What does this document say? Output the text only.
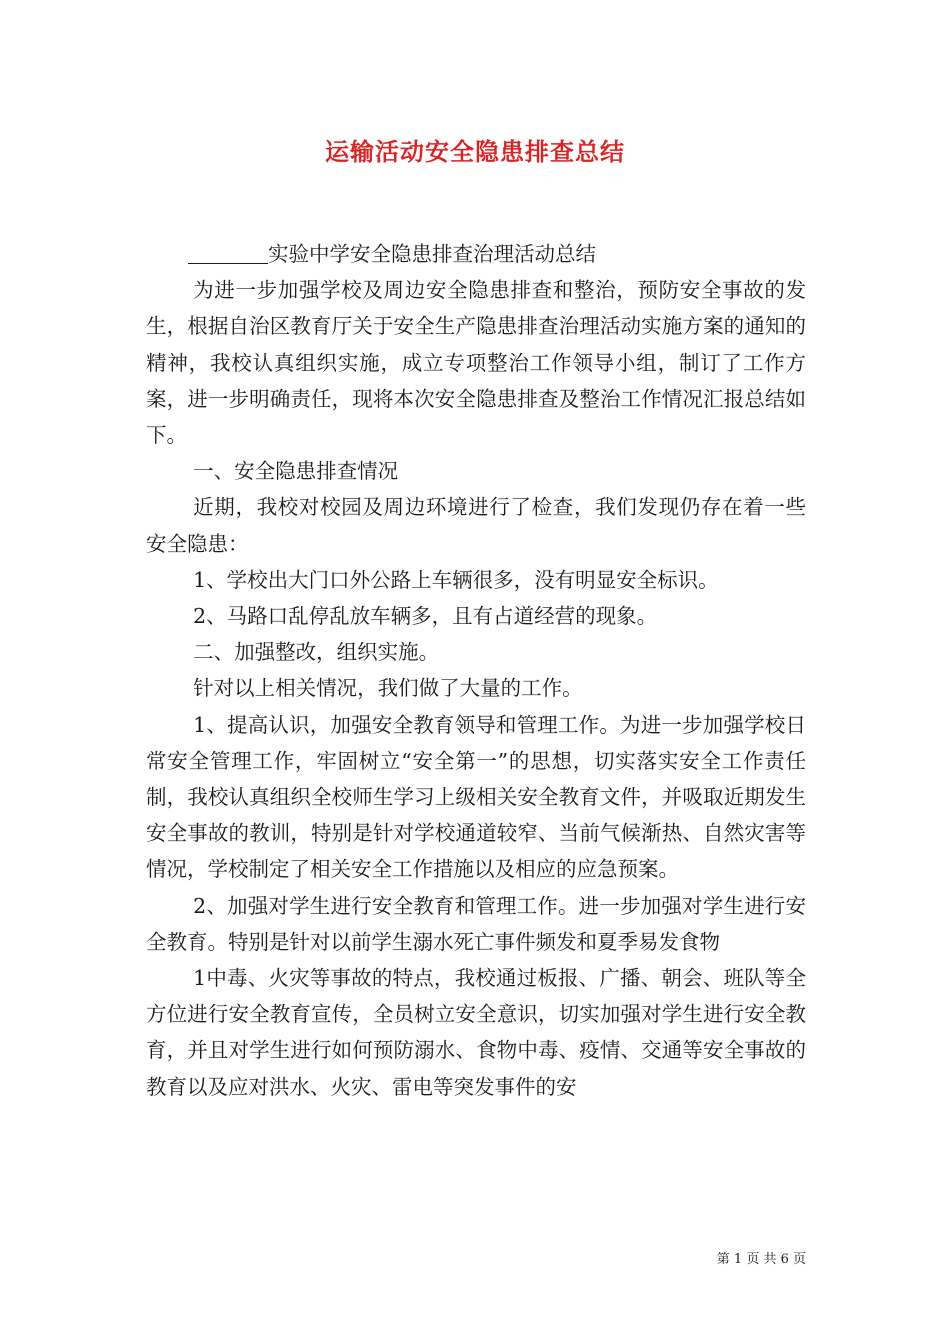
运输活动安全隐患排查总结

实验中学安全隐患排查治理活动总结

为进一步加强学校及周边安全隐患排查和整治，预防安全事故的发生，根据自治区教育厅关于安全生产隐患排查治理活动实施方案的通知的精神，我校认真组织实施，成立专项整治工作领导小组，制订了工作方案，进一步明确责任，现将本次安全隐患排查及整治工作情况汇报总结如下。

一、安全隐患排查情况

近期，我校对校园及周边环境进行了检查，我们发现仍存在着一些安全隐患：

1、学校出大门口外公路上车辆很多，没有明显安全标识。

2、马路口乱停乱放车辆多，且有占道经营的现象。

二、加强整改，组织实施。

针对以上相关情况，我们做了大量的工作。

1、提高认识，加强安全教育领导和管理工作。为进一步加强学校日常安全管理工作，牢固树立“安全第一”的思想，切实落实安全工作责任制，我校认真组织全校师生学习上级相关安全教育文件，并吸取近期发生安全事故的教训，特别是针对学校通道较窄、当前气候渐热、自然灾害等情况，学校制定了相关安全工作措施以及相应的应急预案。

2、加强对学生进行安全教育和管理工作。进一步加强对学生进行安全教育。特别是针对以前学生溺水死亡事件频发和夏季易发食物

1中毒、火灾等事故的特点，我校通过板报、广播、朝会、班队等全方位进行安全教育宣传，全员树立安全意识，切实加强对学生进行安全教育，并且对学生进行如何预防溺水、食物中毒、疫情、交通等安全事故的教育以及应对洪水、火灾、雷电等突发事件的安

第 1 页 共 6 页
